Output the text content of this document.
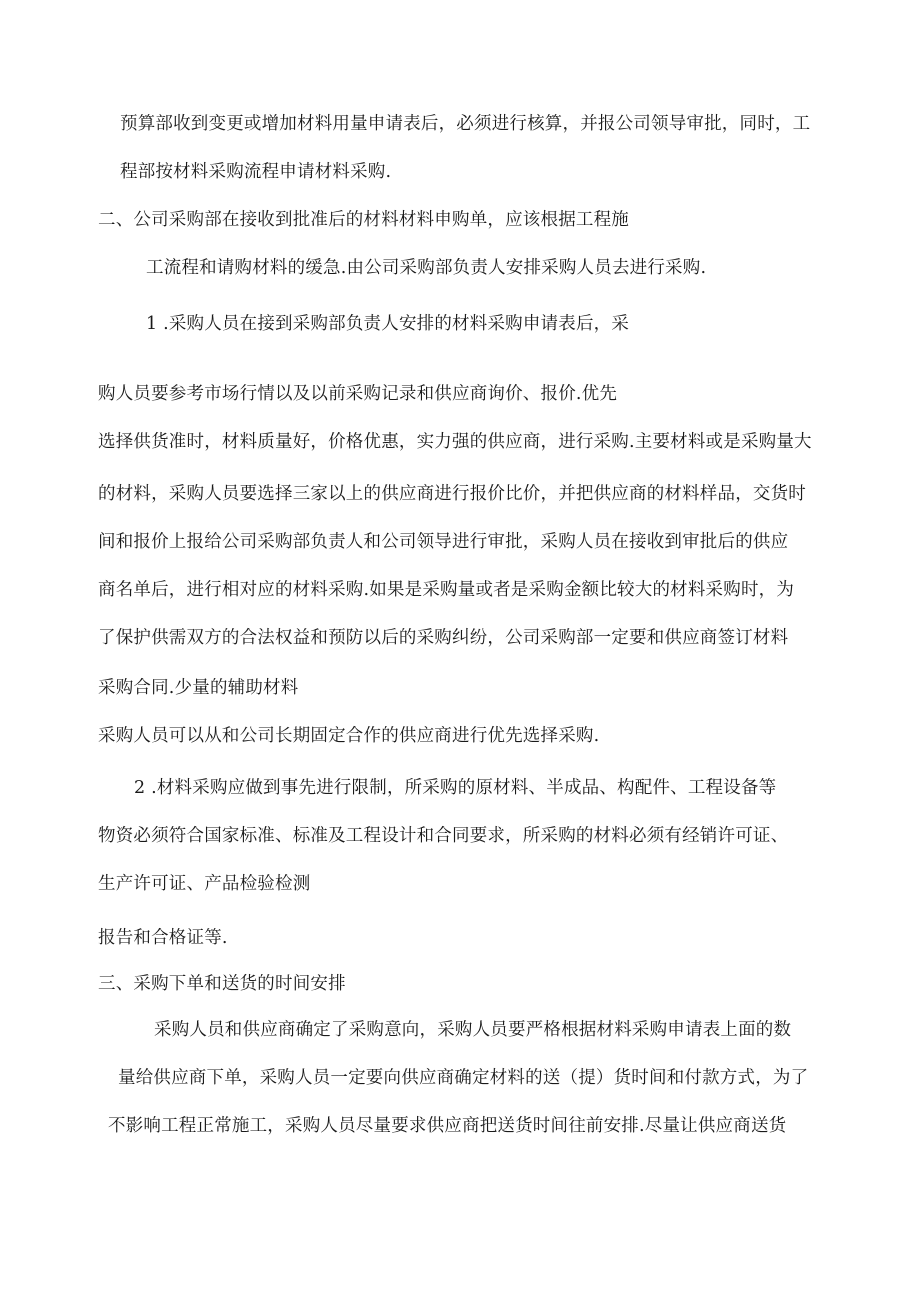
预算部收到变更或增加材料用量申请表后，必须进行核算，并报公司领导审批，同时，工
程部按材料采购流程申请材料采购.
二、公司采购部在接收到批准后的材料材料申购单，应该根据工程施
工流程和请购材料的缓急.由公司采购部负责人安排采购人员去进行采购.
1 .采购人员在接到采购部负责人安排的材料采购申请表后，采
购人员要参考市场行情以及以前采购记录和供应商询价、报价.优先
选择供货准时，材料质量好，价格优惠，实力强的供应商，进行采购.主要材料或是采购量大
的材料，采购人员要选择三家以上的供应商进行报价比价，并把供应商的材料样品，交货时
间和报价上报给公司采购部负责人和公司领导进行审批，采购人员在接收到审批后的供应
商名单后，进行相对应的材料采购.如果是采购量或者是采购金额比较大的材料采购时，为
了保护供需双方的合法权益和预防以后的采购纠纷，公司采购部一定要和供应商签订材料
采购合同.少量的辅助材料
采购人员可以从和公司长期固定合作的供应商进行优先选择采购.
2 .材料采购应做到事先进行限制，所采购的原材料、半成品、构配件、工程设备等
物资必须符合国家标准、标准及工程设计和合同要求，所采购的材料必须有经销许可证、
生产许可证、产品检验检测
报告和合格证等.
三、采购下单和送货的时间安排
采购人员和供应商确定了采购意向，采购人员要严格根据材料采购申请表上面的数
量给供应商下单，采购人员一定要向供应商确定材料的送（提）货时间和付款方式，为了
不影响工程正常施工，采购人员尽量要求供应商把送货时间往前安排.尽量让供应商送货
